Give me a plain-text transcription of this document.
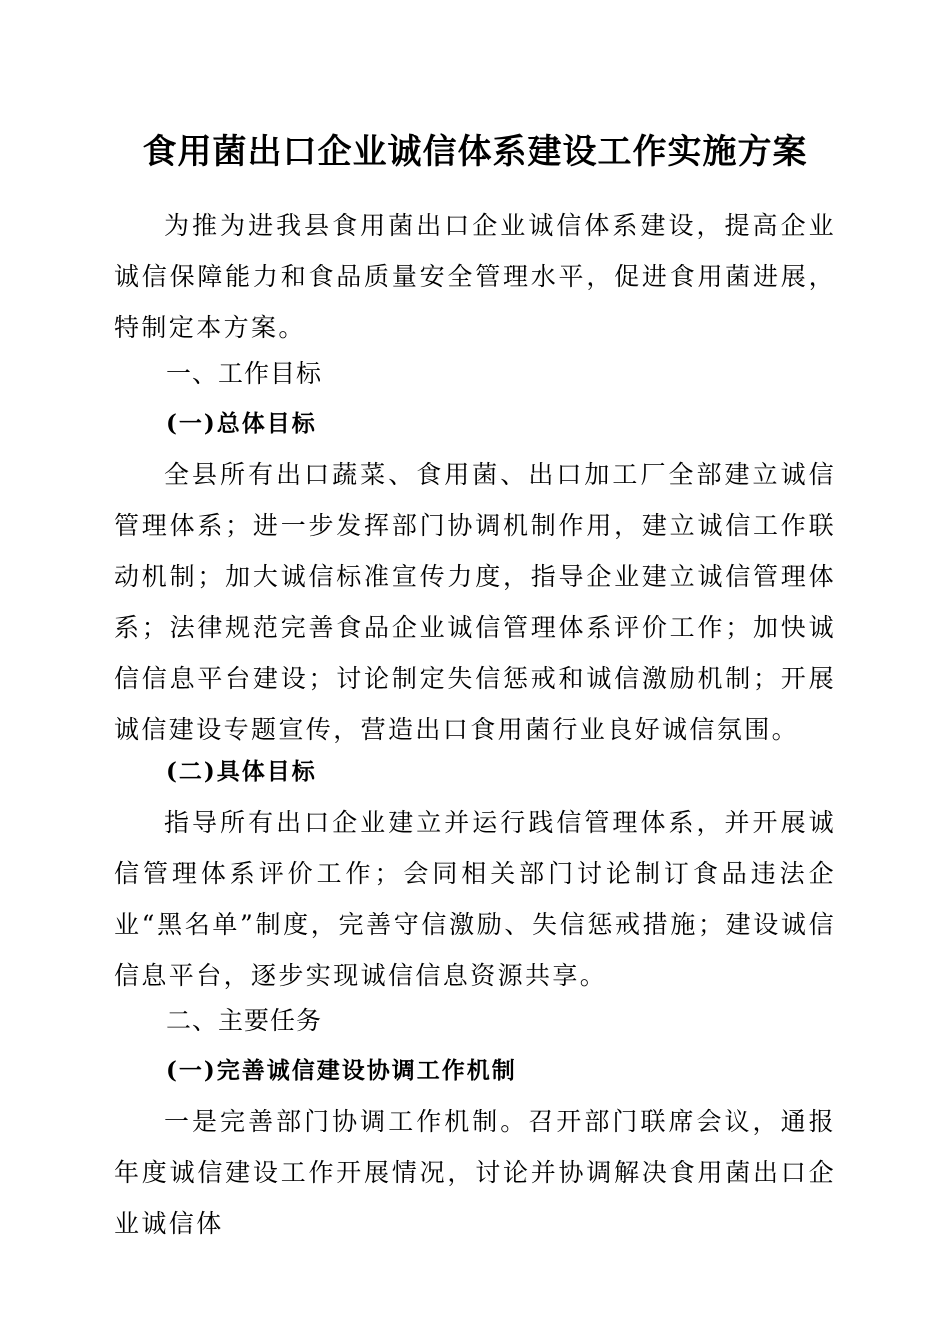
食用菌出口企业诚信体系建设工作实施方案

为推为进我县食用菌出口企业诚信体系建设，提高企业诚信保障能力和食品质量安全管理水平，促进食用菌进展，特制定本方案。

一、工作目标
(一)总体目标

全县所有出口蔬菜、食用菌、出口加工厂全部建立诚信管理体系；进一步发挥部门协调机制作用，建立诚信工作联动机制；加大诚信标准宣传力度，指导企业建立诚信管理体系；法律规范完善食品企业诚信管理体系评价工作；加快诚信信息平台建设；讨论制定失信惩戒和诚信激励机制；开展诚信建设专题宣传，营造出口食用菌行业良好诚信氛围。

(二)具体目标

指导所有出口企业建立并运行践信管理体系，并开展诚信管理体系评价工作；会同相关部门讨论制订食品违法企业“黑名单”制度，完善守信激励、失信惩戒措施；建设诚信信息平台，逐步实现诚信信息资源共享。

二、主要任务
(一)完善诚信建设协调工作机制

一是完善部门协调工作机制。召开部门联席会议，通报年度诚信建设工作开展情况，讨论并协调解决食用菌出口企业诚信体
